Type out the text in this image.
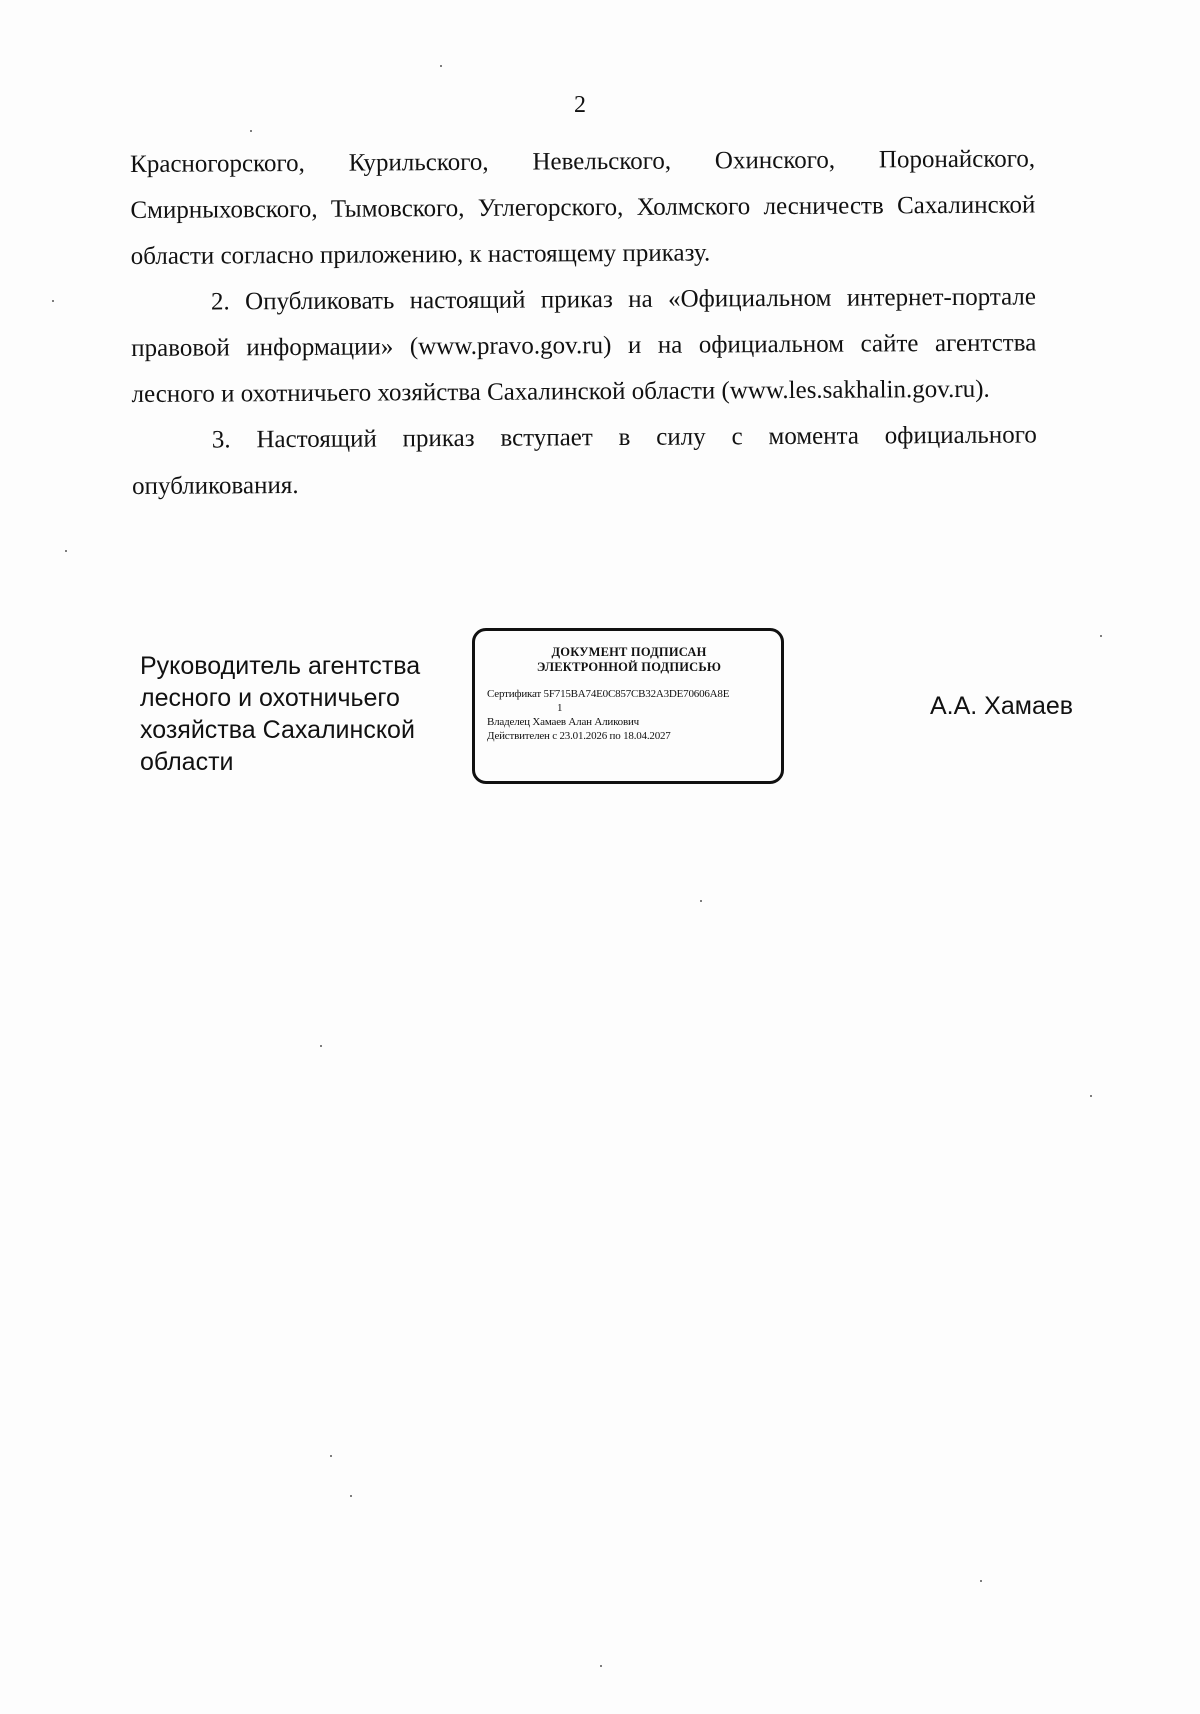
2

Красногорского, Курильского, Невельского, Охинского, Поронайского, Смирныховского, Тымовского, Углегорского, Холмского лесничеств Сахалинской области согласно приложению, к настоящему приказу.

2. Опубликовать настоящий приказ на «Официальном интернет-портале правовой информации» (www.pravo.gov.ru) и на официальном сайте агентства лесного и охотничьего хозяйства Сахалинской области (www.les.sakhalin.gov.ru).

3. Настоящий приказ вступает в силу с момента официального опубликования.

Руководитель агентства лесного и охотничьего хозяйства Сахалинской области
ДОКУМЕНТ ПОДПИСАН
ЭЛЕКТРОННОЙ ПОДПИСЬЮ
Сертификат 5F715BA74E0C857CB32A3DE70606A8E
1
Владелец Хамаев Алан Аликович
Действителен с 23.01.2026 по 18.04.2027
А.А. Хамаев
